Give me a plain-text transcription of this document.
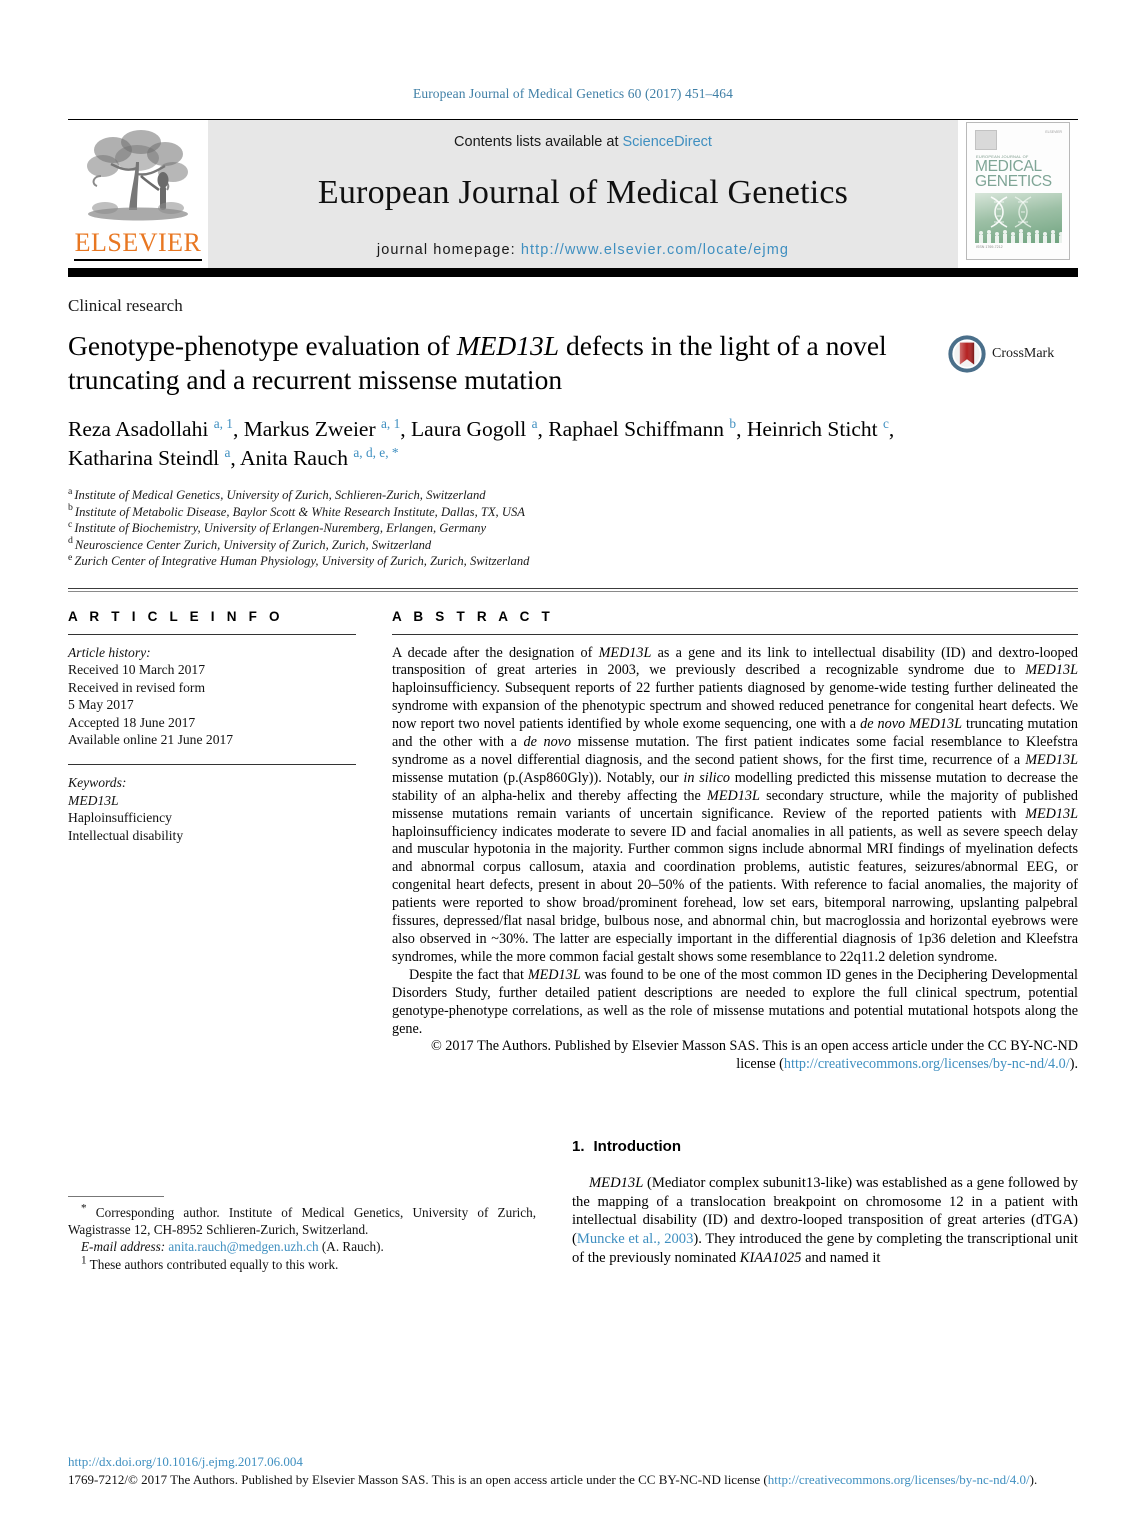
European Journal of Medical Genetics 60 (2017) 451–464
ELSEVIER
Contents lists available at ScienceDirect
European Journal of Medical Genetics
journal homepage: http://www.elsevier.com/locate/ejmg
ELSEVIER
EUROPEAN JOURNAL OF
MEDICAL
GENETICS
ISSN 1769-7212
Clinical research
Genotype-phenotype evaluation of MED13L defects in the light of a novel truncating and a recurrent missense mutation
CrossMark
Reza Asadollahi $^{a, 1}$, Markus Zweier $^{a, 1}$, Laura Gogoll $^a$, Raphael Schiffmann $^b$, Heinrich Sticht $^c$, Katharina Steindl $^a$, Anita Rauch $^{a, d, e, *}$
$^a$ Institute of Medical Genetics, University of Zurich, Schlieren-Zurich, Switzerland
$^b$ Institute of Metabolic Disease, Baylor Scott & White Research Institute, Dallas, TX, USA
$^c$ Institute of Biochemistry, University of Erlangen-Nuremberg, Erlangen, Germany
$^d$ Neuroscience Center Zurich, University of Zurich, Zurich, Switzerland
$^e$ Zurich Center of Integrative Human Physiology, University of Zurich, Zurich, Switzerland
A R T I C L E I N F O
Article history:
Received 10 March 2017
Received in revised form
5 May 2017
Accepted 18 June 2017
Available online 21 June 2017
Keywords:
MED13L
Haploinsufficiency
Intellectual disability
A B S T R A C T

A decade after the designation of MED13L as a gene and its link to intellectual disability (ID) and dextro-looped transposition of great arteries in 2003, we previously described a recognizable syndrome due to MED13L haploinsufficiency. Subsequent reports of 22 further patients diagnosed by genome-wide testing further delineated the syndrome with expansion of the phenotypic spectrum and showed reduced penetrance for congenital heart defects. We now report two novel patients identified by whole exome sequencing, one with a de novo MED13L truncating mutation and the other with a de novo missense mutation. The first patient indicates some facial resemblance to Kleefstra syndrome as a novel differential diagnosis, and the second patient shows, for the first time, recurrence of a MED13L missense mutation (p.(Asp860Gly)). Notably, our in silico modelling predicted this missense mutation to decrease the stability of an alpha-helix and thereby affecting the MED13L secondary structure, while the majority of published missense mutations remain variants of uncertain significance. Review of the reported patients with MED13L haploinsufficiency indicates moderate to severe ID and facial anomalies in all patients, as well as severe speech delay and muscular hypotonia in the majority. Further common signs include abnormal MRI findings of myelination defects and abnormal corpus callosum, ataxia and coordination problems, autistic features, seizures/abnormal EEG, or congenital heart defects, present in about 20–50% of the patients. With reference to facial anomalies, the majority of patients were reported to show broad/prominent forehead, low set ears, bitemporal narrowing, upslanting palpebral fissures, depressed/flat nasal bridge, bulbous nose, and abnormal chin, but macroglossia and horizontal eyebrows were also observed in ~30%. The latter are especially important in the differential diagnosis of 1p36 deletion and Kleefstra syndromes, while the more common facial gestalt shows some resemblance to 22q11.2 deletion syndrome.

Despite the fact that MED13L was found to be one of the most common ID genes in the Deciphering Developmental Disorders Study, further detailed patient descriptions are needed to explore the full clinical spectrum, potential genotype-phenotype correlations, as well as the role of missense mutations and potential mutational hotspots along the gene.

© 2017 The Authors. Published by Elsevier Masson SAS. This is an open access article under the CC BY-NC-ND license (http://creativecommons.org/licenses/by-nc-nd/4.0/).

* Corresponding author. Institute of Medical Genetics, University of Zurich, Wagistrasse 12, CH-8952 Schlieren-Zurich, Switzerland.
E-mail address: anita.rauch@medgen.uzh.ch (A. Rauch).
$^1$ These authors contributed equally to this work.
1. Introduction
MED13L (Mediator complex subunit13-like) was established as a gene followed by the mapping of a translocation breakpoint on chromosome 12 in a patient with intellectual disability (ID) and dextro-looped transposition of great arteries (dTGA) (Muncke et al., 2003). They introduced the gene by completing the transcriptional unit of the previously nominated KIAA1025 and named it
http://dx.doi.org/10.1016/j.ejmg.2017.06.004
1769-7212/© 2017 The Authors. Published by Elsevier Masson SAS. This is an open access article under the CC BY-NC-ND license (http://creativecommons.org/licenses/by-nc-nd/4.0/).
